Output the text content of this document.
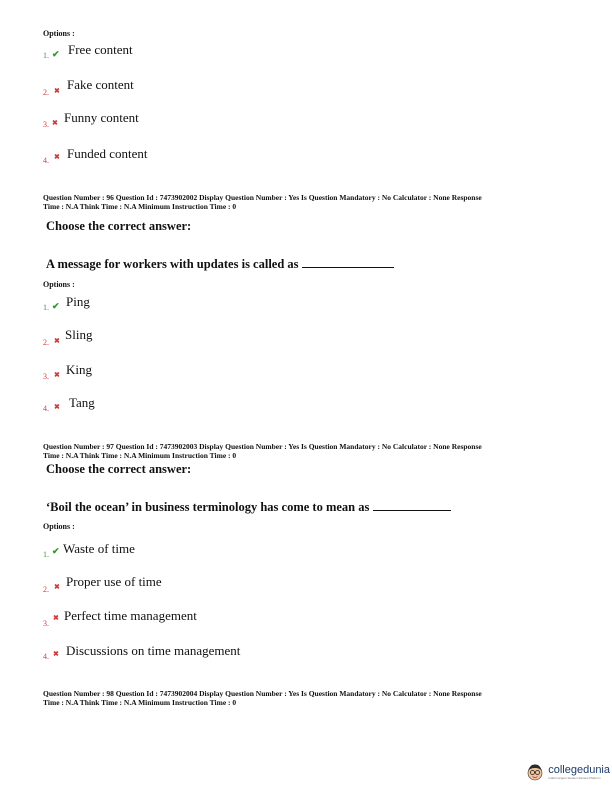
Options :
1. ✔ Free content
2. ✖ Fake content
3. ✖ Funny content
4. ✖ Funded content
Question Number : 96 Question Id : 7473902002 Display Question Number : Yes Is Question Mandatory : No Calculator : None Response
Time : N.A Think Time : N.A Minimum Instruction Time : 0
Choose the correct answer:
A message for workers with updates is called as
Options :
1. ✔ Ping
2. ✖ Sling
3. ✖ King
4. ✖ Tang
Question Number : 97 Question Id : 7473902003 Display Question Number : Yes Is Question Mandatory : No Calculator : None Response
Time : N.A Think Time : N.A Minimum Instruction Time : 0
Choose the correct answer:
‘Boil the ocean’ in business terminology has come to mean as
Options :
1. ✔ Waste of time
2. ✖ Proper use of time
3.
✖ Perfect time management
4. ✖ Discussions on time management
Question Number : 98 Question Id : 7473902004 Display Question Number : Yes Is Question Mandatory : No Calculator : None Response
Time : N.A Think Time : N.A Minimum Instruction Time : 0
collegedunia
India's largest Student Review Platform
